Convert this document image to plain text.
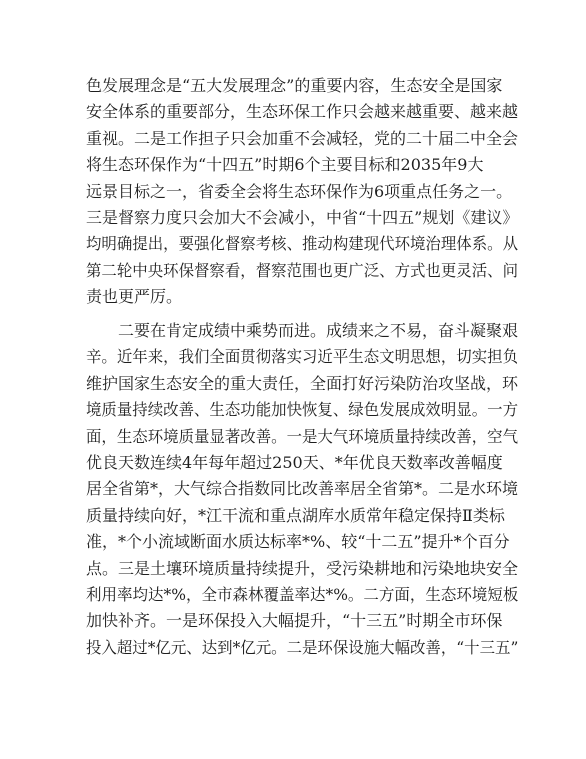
色发展理念是“五大发展理念”的重要内容，生态安全是国家
安全体系的重要部分，生态环保工作只会越来越重要、越来越
重视。二是工作担子只会加重不会减轻，党的二十届二中全会
将生态环保作为“十四五”时期6个主要目标和2035年9大
远景目标之一，省委全会将生态环保作为6项重点任务之一。
三是督察力度只会加大不会减小，中省“十四五”规划《建议》
均明确提出，要强化督察考核、推动构建现代环境治理体系。从
第二轮中央环保督察看，督察范围也更广泛、方式也更灵活、问
责也更严厉。
　　二要在肯定成绩中乘势而进。成绩来之不易，奋斗凝聚艰
辛。近年来，我们全面贯彻落实习近平生态文明思想，切实担负
维护国家生态安全的重大责任，全面打好污染防治攻坚战，环
境质量持续改善、生态功能加快恢复、绿色发展成效明显。一方
面，生态环境质量显著改善。一是大气环境质量持续改善，空气
优良天数连续4年每年超过250天、*年优良天数率改善幅度
居全省第*，大气综合指数同比改善率居全省第*。二是水环境
质量持续向好，*江干流和重点湖库水质常年稳定保持Ⅱ类标
准，*个小流域断面水质达标率*%、较“十二五”提升*个百分
点。三是土壤环境质量持续提升，受污染耕地和污染地块安全
利用率均达*%，全市森林覆盖率达*%。二方面，生态环境短板
加快补齐。一是环保投入大幅提升，“十三五”时期全市环保
投入超过*亿元、达到*亿元。二是环保设施大幅改善，“十三五”
